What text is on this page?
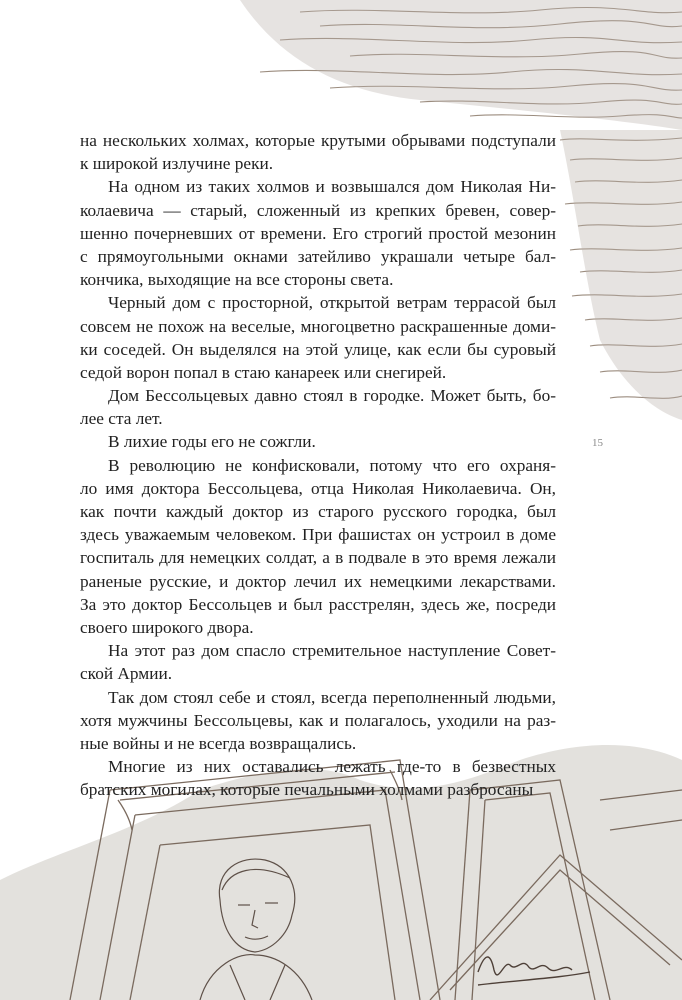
на нескольких холмах, которые крутыми обрывами подступали
к широкой излучине реки.
На одном из таких холмов и возвышался дом Николая Ни-
колаевича — старый, сложенный из крепких бревен, совер-
шенно почерневших от времени. Его строгий простой мезонин
с прямоугольными окнами затейливо украшали четыре бал-
кончика, выходящие на все стороны света.
Черный дом с просторной, открытой ветрам террасой был
совсем не похож на веселые, многоцветно раскрашенные доми-
ки соседей. Он выделялся на этой улице, как если бы суровый
седой ворон попал в стаю канареек или снегирей.
Дом Бессольцевых давно стоял в городке. Может быть, бо-
лее ста лет.
В лихие годы его не сожгли.
В революцию не конфисковали, потому что его охраня-
ло имя доктора Бессольцева, отца Николая Николаевича. Он,
как почти каждый доктор из старого русского городка, был
здесь уважаемым человеком. При фашистах он устроил в доме
госпиталь для немецких солдат, а в подвале в это время лежали
раненые русские, и доктор лечил их немецкими лекарствами.
За это доктор Бессольцев и был расстрелян, здесь же, посреди
своего широкого двора.
На этот раз дом спасло стремительное наступление Совет-
ской Армии.
Так дом стоял себе и стоял, всегда переполненный людьми,
хотя мужчины Бессольцевы, как и полагалось, уходили на раз-
ные войны и не всегда возвращались.
Многие из них оставались лежать где-то в безвестных
братских могилах, которые печальными холмами разбросаны
15
